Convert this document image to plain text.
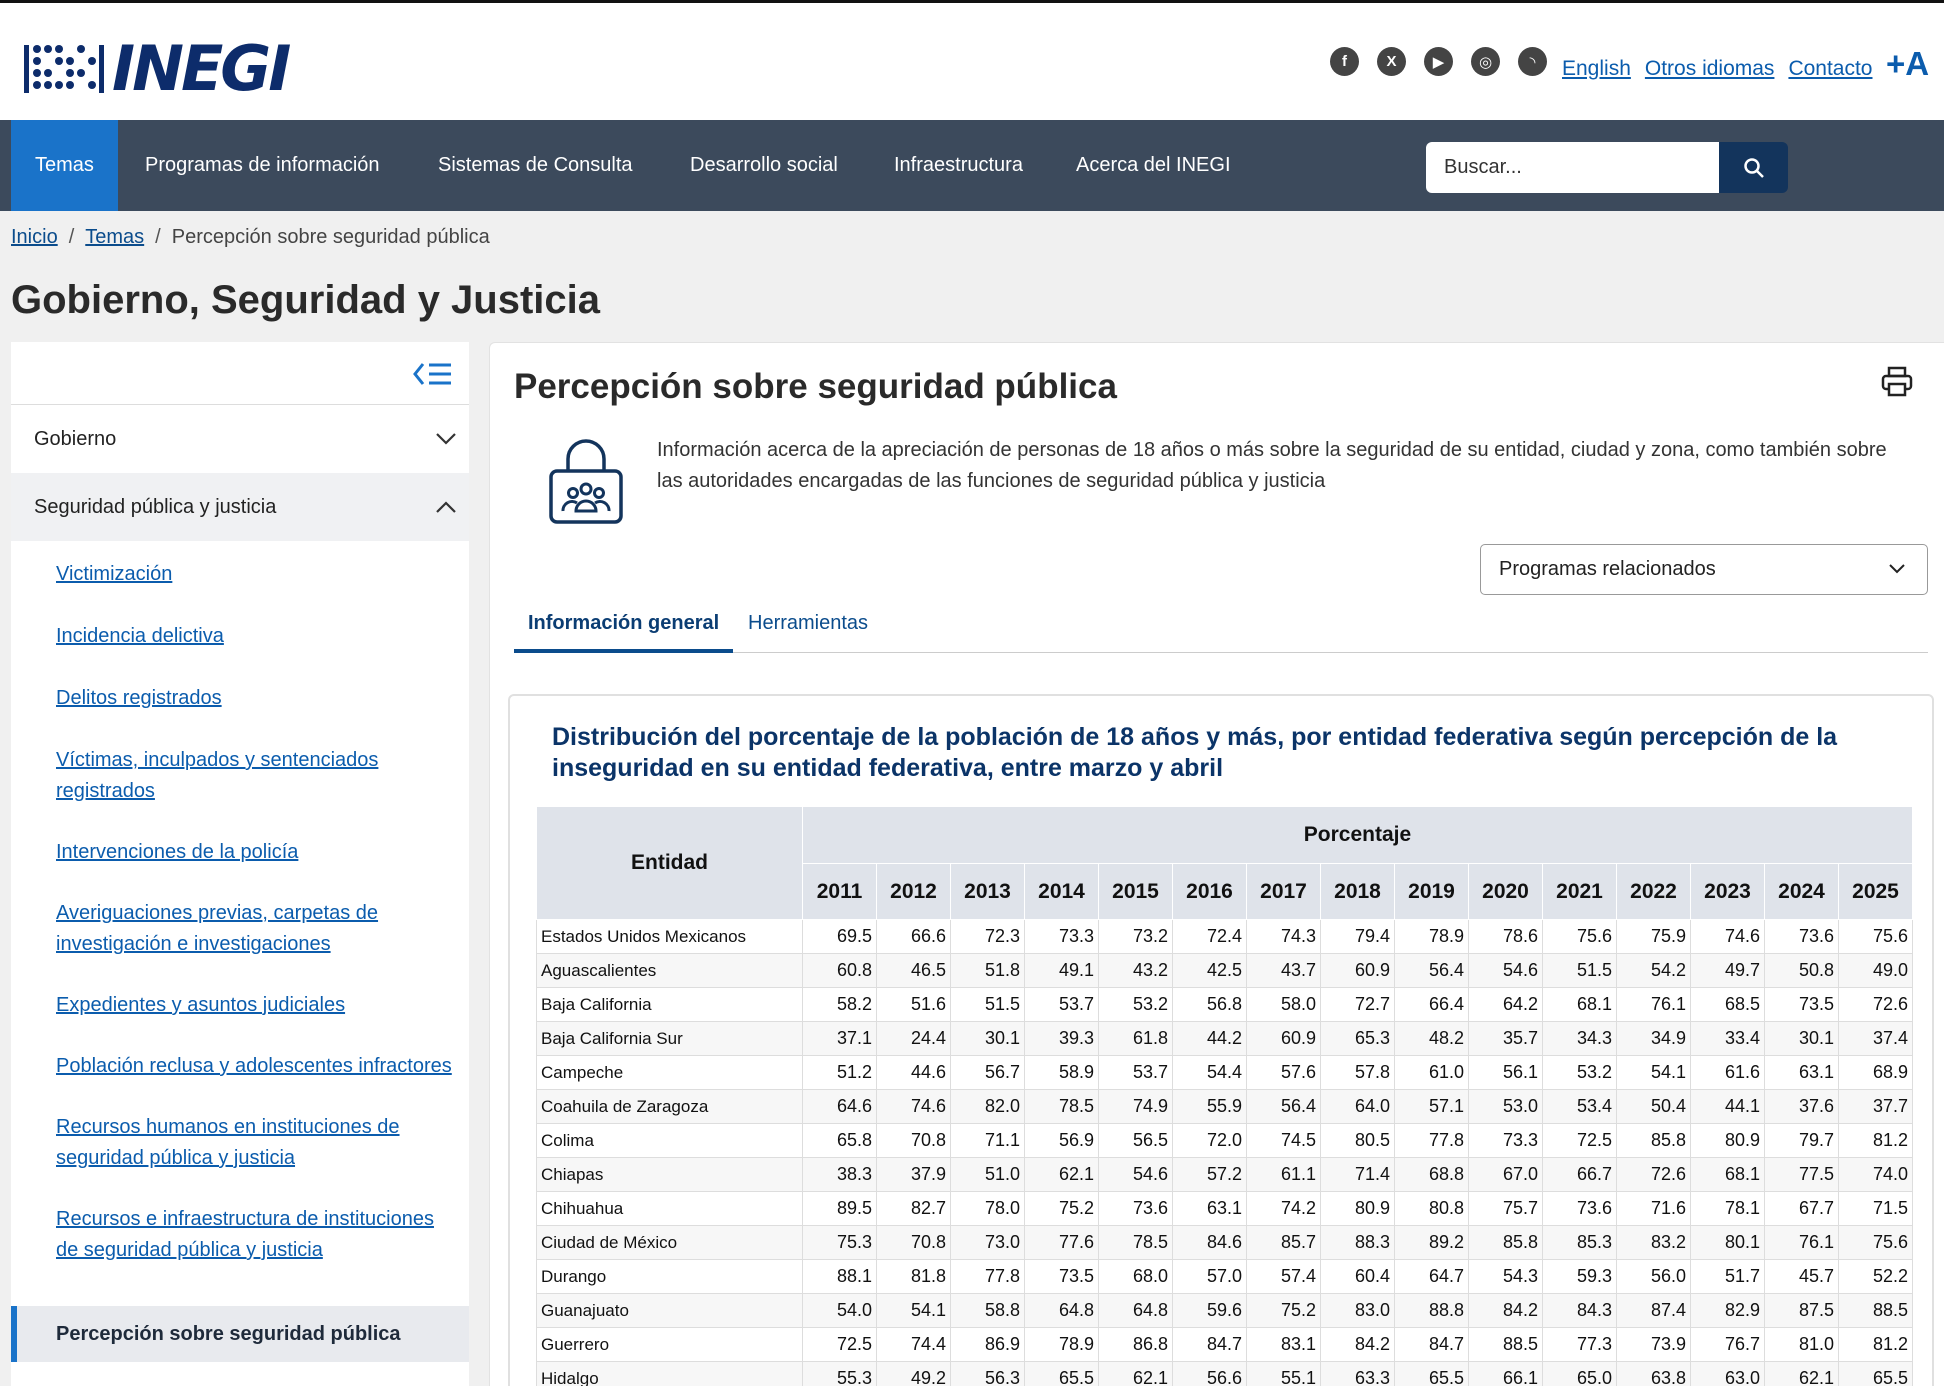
INEGI	f	X	▶	◎	◝	English Otros idiomas Contacto +A
Temas	Programas de información	Sistemas de Consulta	Desarrollo social	Infraestructura	Acerca del INEGI
Buscar...
Inicio / Temas / Percepción sobre seguridad pública
Gobierno, Seguridad y Justicia
Gobierno
Seguridad pública y justicia
Victimización
Incidencia delictiva
Delitos registrados
Víctimas, inculpados y sentenciados registrados
Intervenciones de la policía
Averiguaciones previas, carpetas de investigación e investigaciones
Expedientes y asuntos judiciales
Población reclusa y adolescentes infractores
Recursos humanos en instituciones de seguridad pública y justicia
Recursos e infraestructura de instituciones de seguridad pública y justicia
Percepción sobre seguridad pública
Percepción sobre seguridad pública

Información acerca de la apreciación de personas de 18 años o más sobre la seguridad de su entidad, ciudad y zona, como también sobre las autoridades encargadas de las funciones de seguridad pública y justicia

Programas relacionados
Información general	Herramientas
Distribución del porcentaje de la población de 18 años y más, por entidad federativa según percepción de la inseguridad en su entidad federativa, entre marzo y abril
Entidad	Porcentaje														
	2011	2012	2013	2014	2015	2016	2017	2018	2019	2020	2021	2022	2023	2024	2025
Estados Unidos Mexicanos	69.5	66.6	72.3	73.3	73.2	72.4	74.3	79.4	78.9	78.6	75.6	75.9	74.6	73.6	75.6
Aguascalientes	60.8	46.5	51.8	49.1	43.2	42.5	43.7	60.9	56.4	54.6	51.5	54.2	49.7	50.8	49.0
Baja California	58.2	51.6	51.5	53.7	53.2	56.8	58.0	72.7	66.4	64.2	68.1	76.1	68.5	73.5	72.6
Baja California Sur	37.1	24.4	30.1	39.3	61.8	44.2	60.9	65.3	48.2	35.7	34.3	34.9	33.4	30.1	37.4
Campeche	51.2	44.6	56.7	58.9	53.7	54.4	57.6	57.8	61.0	56.1	53.2	54.1	61.6	63.1	68.9
Coahuila de Zaragoza	64.6	74.6	82.0	78.5	74.9	55.9	56.4	64.0	57.1	53.0	53.4	50.4	44.1	37.6	37.7
Colima	65.8	70.8	71.1	56.9	56.5	72.0	74.5	80.5	77.8	73.3	72.5	85.8	80.9	79.7	81.2
Chiapas	38.3	37.9	51.0	62.1	54.6	57.2	61.1	71.4	68.8	67.0	66.7	72.6	68.1	77.5	74.0
Chihuahua	89.5	82.7	78.0	75.2	73.6	63.1	74.2	80.9	80.8	75.7	73.6	71.6	78.1	67.7	71.5
Ciudad de México	75.3	70.8	73.0	77.6	78.5	84.6	85.7	88.3	89.2	85.8	85.3	83.2	80.1	76.1	75.6
Durango	88.1	81.8	77.8	73.5	68.0	57.0	57.4	60.4	64.7	54.3	59.3	56.0	51.7	45.7	52.2
Guanajuato	54.0	54.1	58.8	64.8	64.8	59.6	75.2	83.0	88.8	84.2	84.3	87.4	82.9	87.5	88.5
Guerrero	72.5	74.4	86.9	78.9	86.8	84.7	83.1	84.2	84.7	88.5	77.3	73.9	76.7	81.0	81.2
Hidalgo	55.3	49.2	56.3	65.5	62.1	56.6	55.1	63.3	65.5	66.1	65.0	63.8	63.0	62.1	65.5
